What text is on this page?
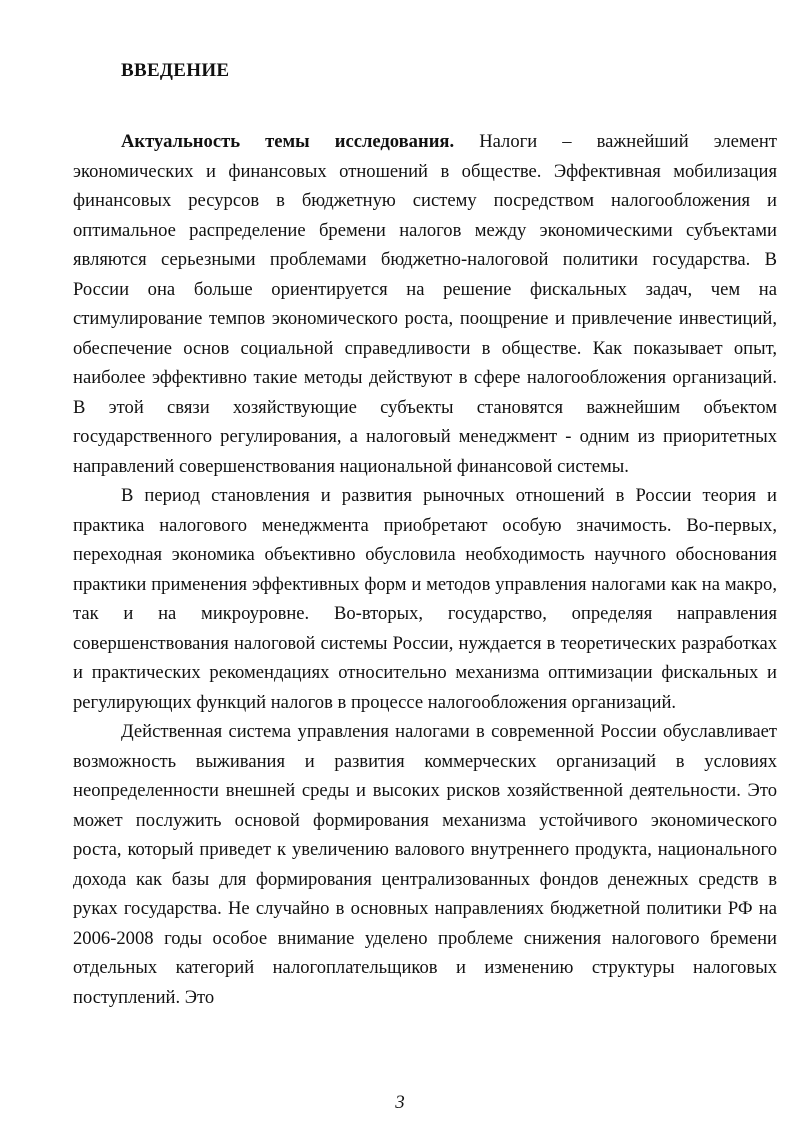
ВВЕДЕНИЕ

Актуальность темы исследования. Налоги – важнейший элемент экономических и финансовых отношений в обществе. Эффективная мобилизация финансовых ресурсов в бюджетную систему посредством налогообложения и оптимальное распределение бремени налогов между экономическими субъектами являются серьезными проблемами бюджетно-налоговой политики государства. В России она больше ориентируется на решение фискальных задач, чем на стимулирование темпов экономического роста, поощрение и привлечение инвестиций, обеспечение основ социальной справедливости в обществе. Как показывает опыт, наиболее эффективно такие методы действуют в сфере налогообложения организаций. В этой связи хозяйствующие субъекты становятся важнейшим объектом государственного регулирования, а налоговый менеджмент - одним из приоритетных направлений совершенствования национальной финансовой системы.

В период становления и развития рыночных отношений в России теория и практика налогового менеджмента приобретают особую значимость. Во-первых, переходная экономика объективно обусловила необходимость научного обоснования практики применения эффективных форм и методов управления налогами как на макро, так и на микроуровне. Во-вторых, государство, определяя направления совершенствования налоговой системы России, нуждается в теоретических разработках и практических рекомендациях относительно механизма оптимизации фискальных и регулирующих функций налогов в процессе налогообложения организаций.

Действенная система управления налогами в современной России обуславливает возможность выживания и развития коммерческих организаций в условиях неопределенности внешней среды и высоких рисков хозяйственной деятельности. Это может послужить основой формирования механизма устойчивого экономического роста, который приведет к увеличению валового внутреннего продукта, национального дохода как базы для формирования централизованных фондов денежных средств в руках государства. Не случайно в основных направлениях бюджетной политики РФ на 2006-2008 годы особое внимание уделено проблеме снижения налогового бремени отдельных категорий налогоплательщиков и изменению структуры налоговых поступлений. Это

3
